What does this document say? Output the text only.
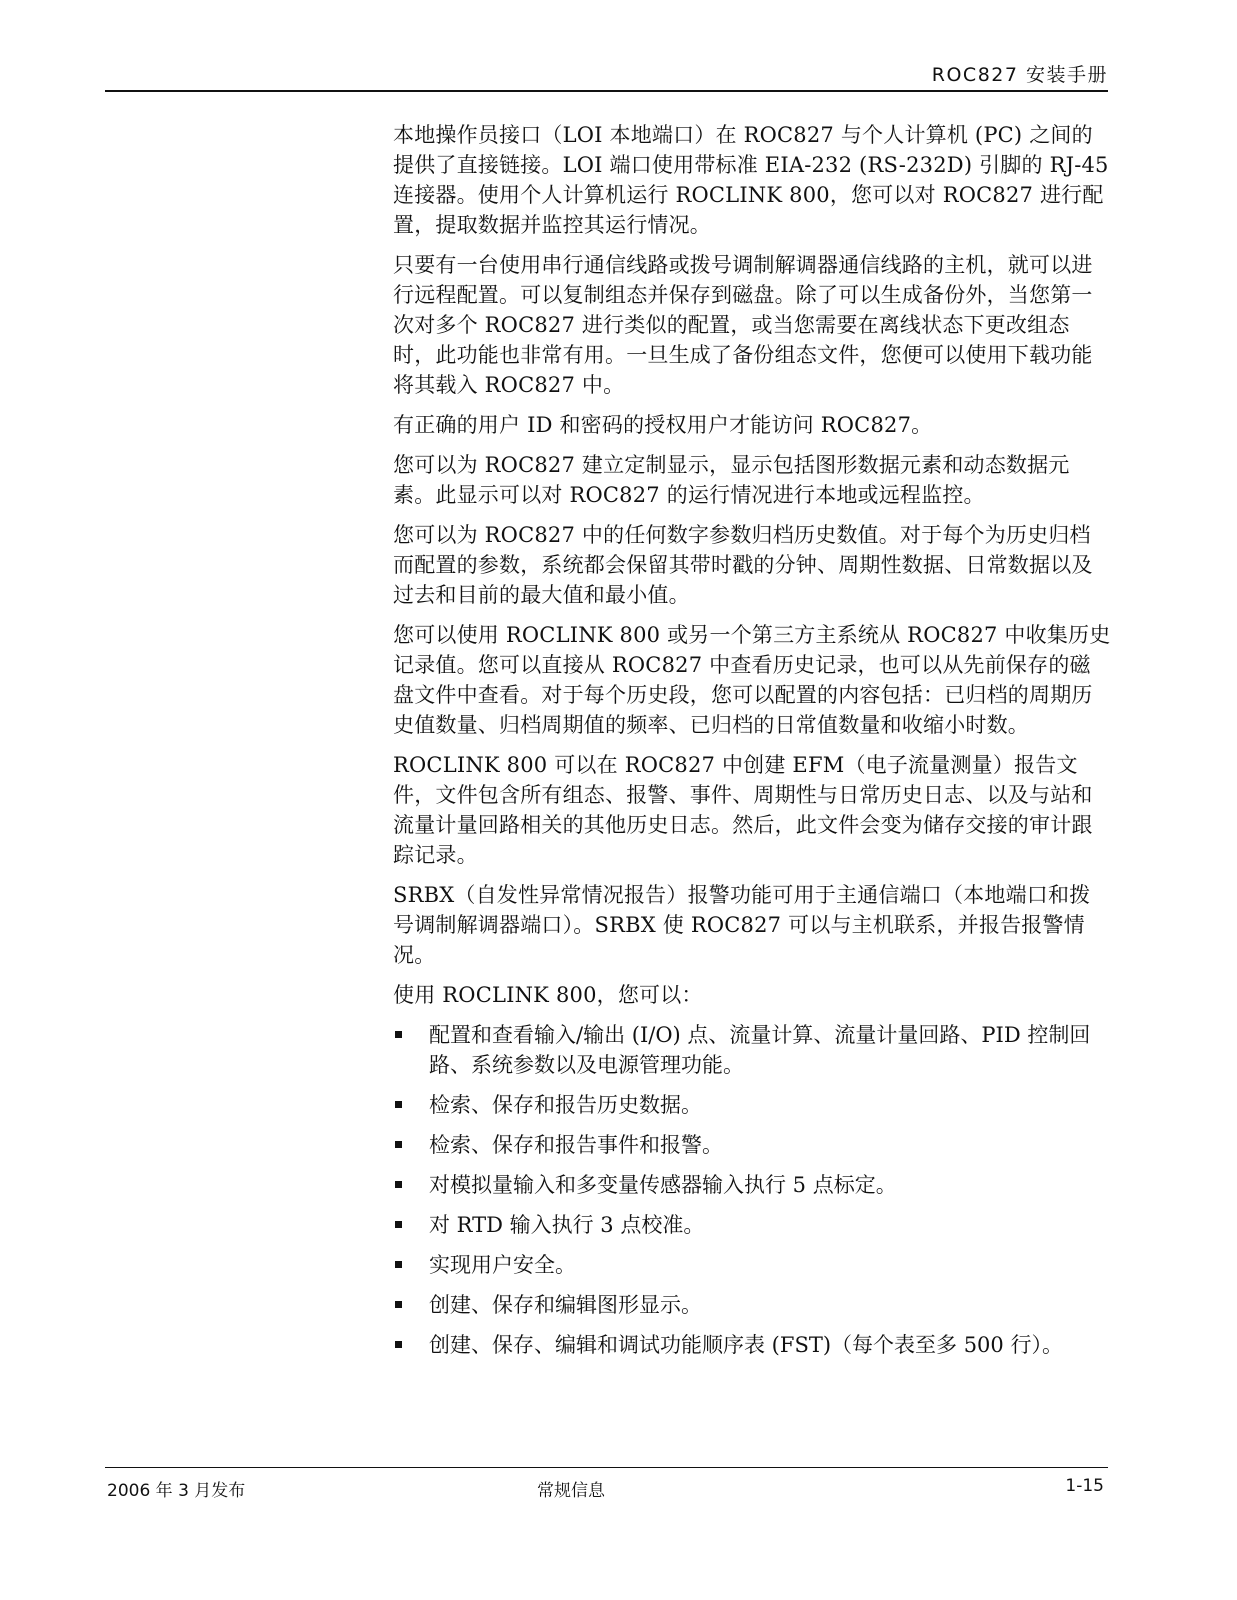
ROC827 安装手册

本地操作员接口（LOI 本地端口）在 ROC827 与个人计算机 (PC) 之间的提供了直接链接。LOI 端口使用带标准 EIA-232 (RS-232D) 引脚的 RJ-45 连接器。使用个人计算机运行 ROCLINK 800，您可以对 ROC827 进行配置，提取数据并监控其运行情况。

只要有一台使用串行通信线路或拨号调制解调器通信线路的主机，就可以进行远程配置。可以复制组态并保存到磁盘。除了可以生成备份外，当您第一次对多个 ROC827 进行类似的配置，或当您需要在离线状态下更改组态时，此功能也非常有用。一旦生成了备份组态文件，您便可以使用下载功能将其载入 ROC827 中。

有正确的用户 ID 和密码的授权用户才能访问 ROC827。

您可以为 ROC827 建立定制显示，显示包括图形数据元素和动态数据元素。此显示可以对 ROC827 的运行情况进行本地或远程监控。

您可以为 ROC827 中的任何数字参数归档历史数值。对于每个为历史归档而配置的参数，系统都会保留其带时戳的分钟、周期性数据、日常数据以及过去和目前的最大值和最小值。

您可以使用 ROCLINK 800 或另一个第三方主系统从 ROC827 中收集历史记录值。您可以直接从 ROC827 中查看历史记录，也可以从先前保存的磁盘文件中查看。对于每个历史段，您可以配置的内容包括：已归档的周期历史值数量、归档周期值的频率、已归档的日常值数量和收缩小时数。

ROCLINK 800 可以在 ROC827 中创建 EFM（电子流量测量）报告文件，文件包含所有组态、报警、事件、周期性与日常历史日志、以及与站和流量计量回路相关的其他历史日志。然后，此文件会变为储存交接的审计跟踪记录。

SRBX（自发性异常情况报告）报警功能可用于主通信端口（本地端口和拨号调制解调器端口）。SRBX 使 ROC827 可以与主机联系，并报告报警情况。

使用 ROCLINK 800，您可以：

配置和查看输入/输出 (I/O) 点、流量计算、流量计量回路、PID 控制回路、系统参数以及电源管理功能。
检索、保存和报告历史数据。
检索、保存和报告事件和报警。
对模拟量输入和多变量传感器输入执行 5 点标定。
对 RTD 输入执行 3 点校准。
实现用户安全。
创建、保存和编辑图形显示。
创建、保存、编辑和调试功能顺序表 (FST)（每个表至多 500 行）。
2006 年 3 月发布	常规信息	1-15
